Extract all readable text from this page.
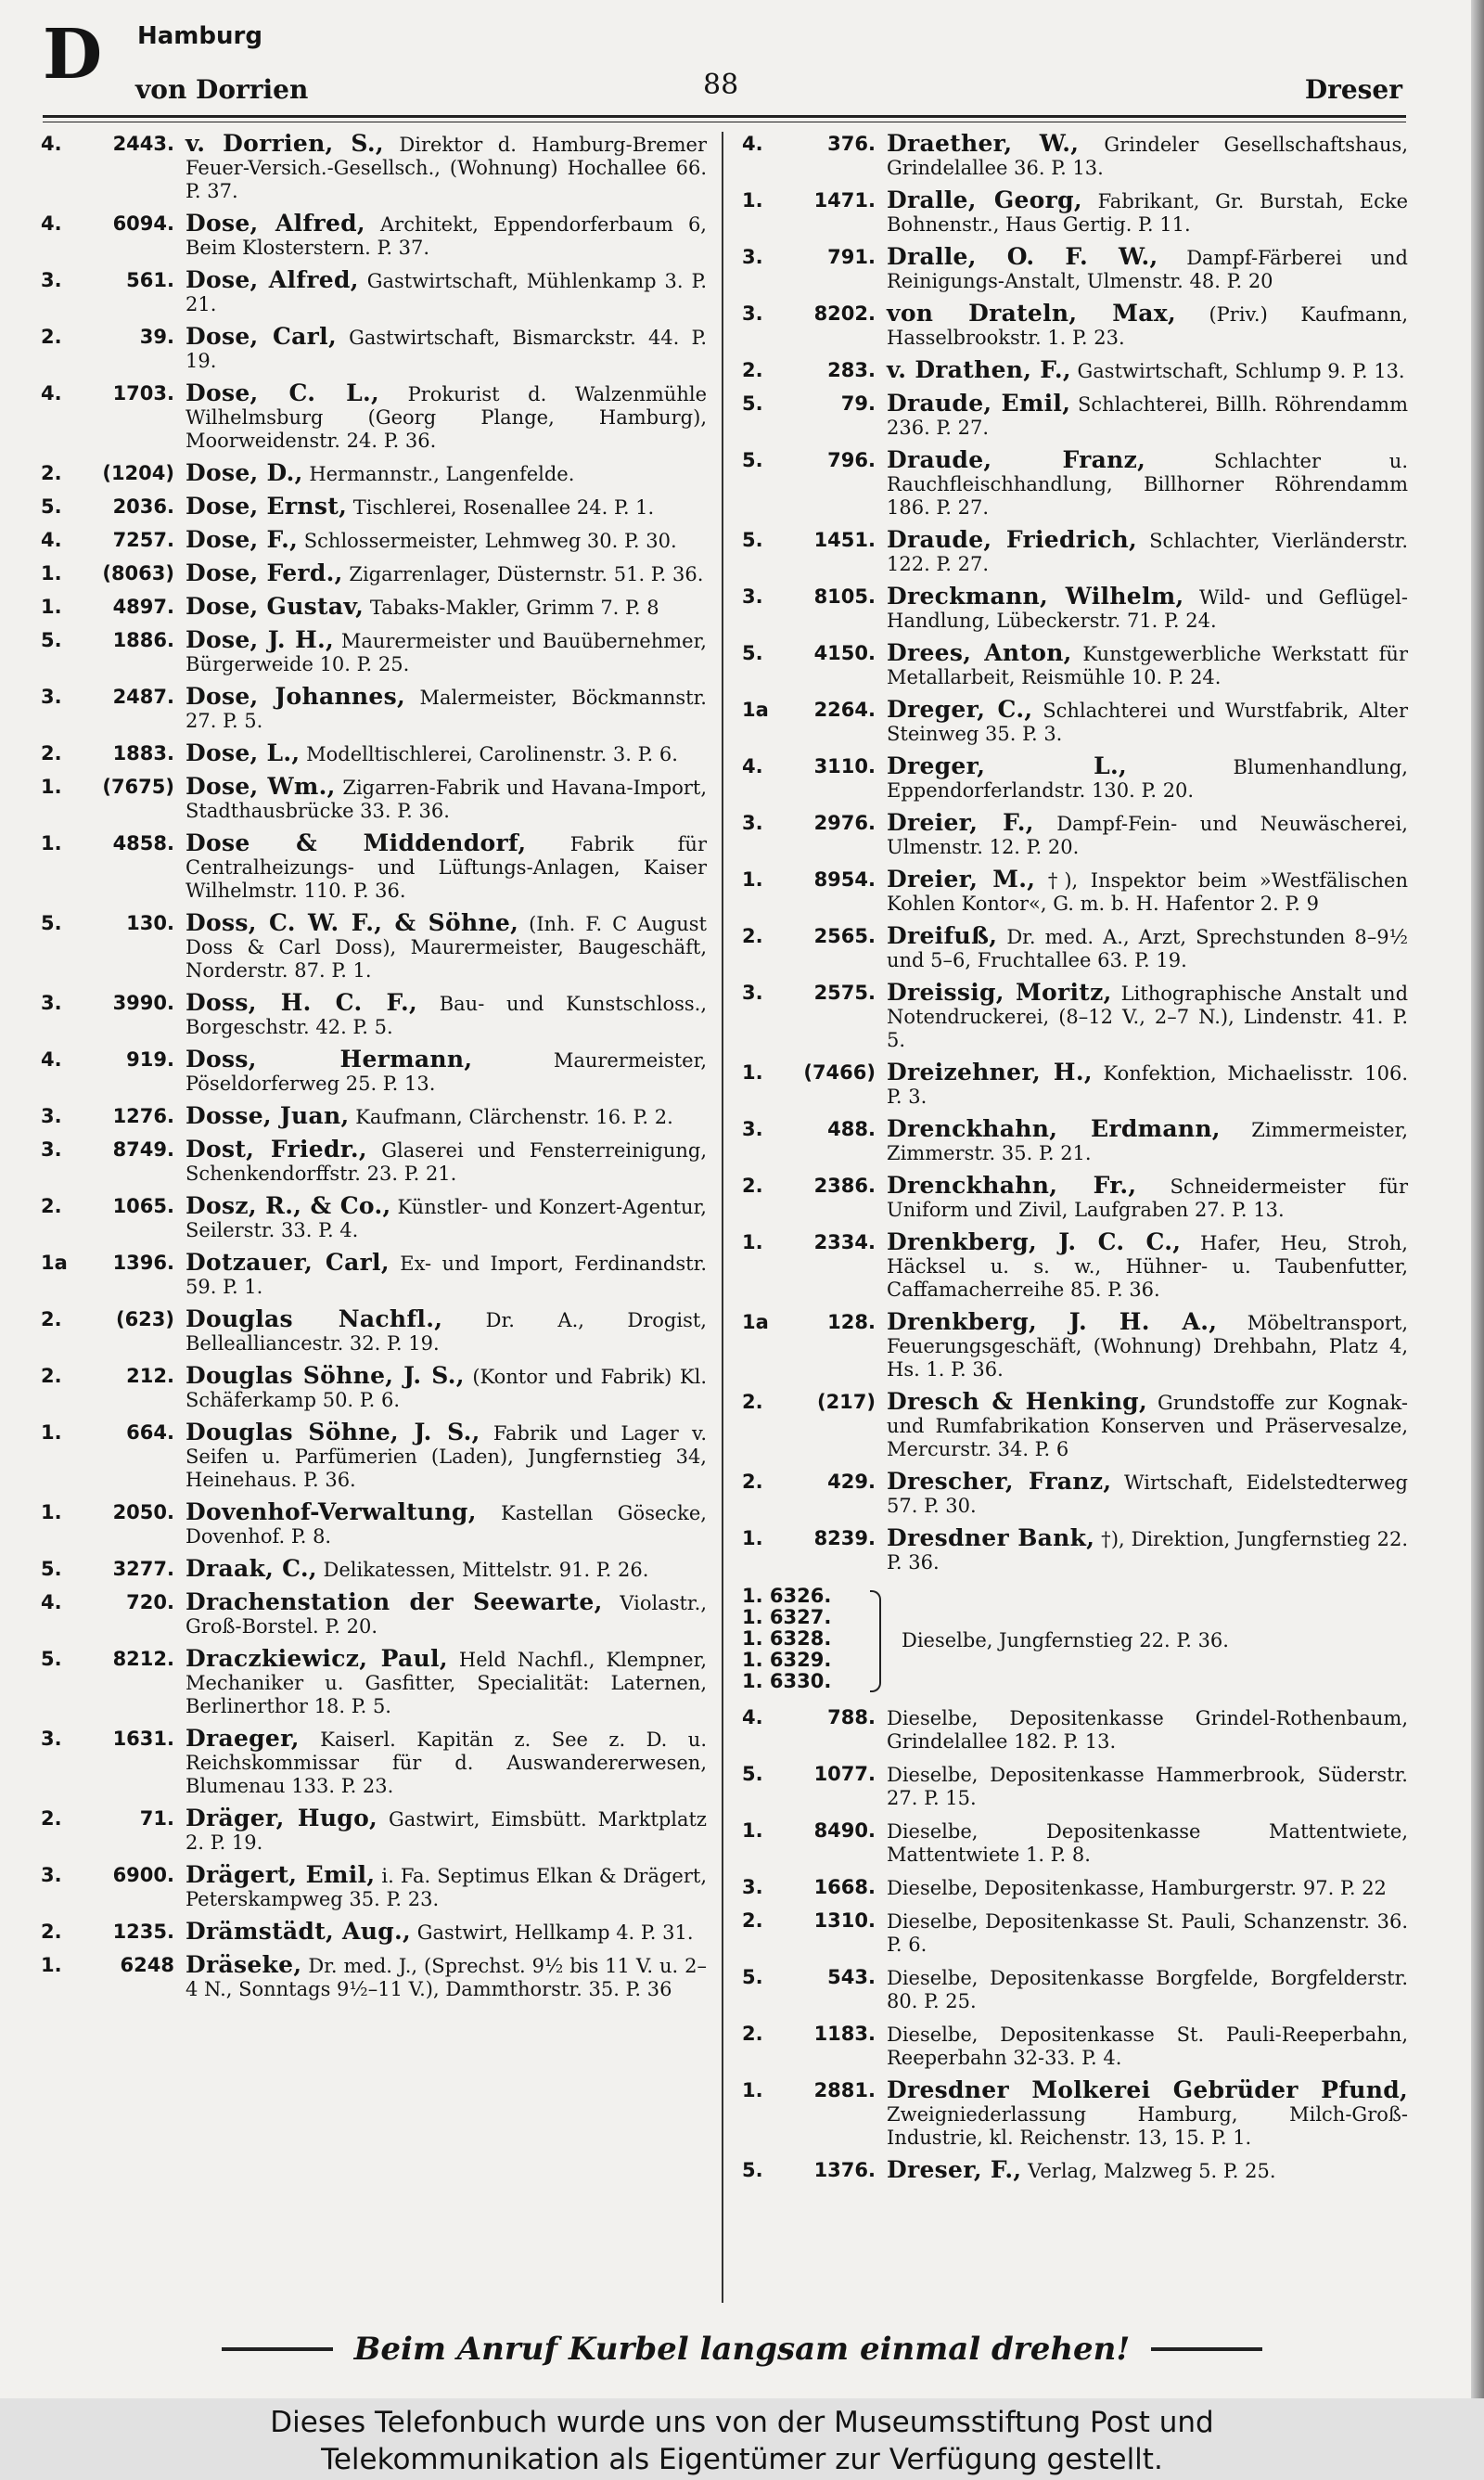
D Hamburg
von Dorrien	88	Dreser
4.	2443. v. Dorrien, S., Direktor d. Hamburg-Bremer Feuer-Versich.-Gesellsch., (Wohnung) Hochallee 66. P. 37.
4.	6094. Dose, Alfred, Architekt, Eppendorferbaum 6, Beim Klosterstern. P. 37.
3.	561. Dose, Alfred, Gastwirtschaft, Mühlenkamp 3. P. 21.
2.	39. Dose, Carl, Gastwirtschaft, Bismarckstr. 44. P. 19.
4.	1703. Dose, C. L., Prokurist d. Walzenmühle Wilhelmsburg (Georg Plange, Hamburg), Moorweidenstr. 24. P. 36.
2.	(1204) Dose, D., Hermannstr., Langenfelde.
5.	2036. Dose, Ernst, Tischlerei, Rosenallee 24. P. 1.
4.	7257. Dose, F., Schlossermeister, Lehmweg 30. P. 30.
1.	(8063) Dose, Ferd., Zigarrenlager, Düsternstr. 51. P. 36.
1.	4897. Dose, Gustav, Tabaks-Makler, Grimm 7. P. 8
5.	1886. Dose, J. H., Maurermeister und Bauübernehmer, Bürgerweide 10. P. 25.
3.	2487. Dose, Johannes, Malermeister, Böckmannstr. 27. P. 5.
2.	1883. Dose, L., Modelltischlerei, Carolinenstr. 3. P. 6.
1.	(7675) Dose, Wm., Zigarren-Fabrik und Havana-Import, Stadthausbrücke 33. P. 36.
1.	4858. Dose & Middendorf, Fabrik für Centralheizungs- und Lüftungs-Anlagen, Kaiser Wilhelmstr. 110. P. 36.
5.	130. Doss, C. W. F., & Söhne, (Inh. F. C August Doss & Carl Doss), Maurermeister, Baugeschäft, Norderstr. 87. P. 1.
3.	3990. Doss, H. C. F., Bau- und Kunstschloss., Borgeschstr. 42. P. 5.
4.	919. Doss, Hermann, Maurermeister, Pöseldorferweg 25. P. 13.
3.	1276. Dosse, Juan, Kaufmann, Clärchenstr. 16. P. 2.
3.	8749. Dost, Friedr., Glaserei und Fensterreinigung, Schenkendorffstr. 23. P. 21.
2.	1065. Dosz, R., & Co., Künstler- und Konzert-Agentur, Seilerstr. 33. P. 4.
1a	1396. Dotzauer, Carl, Ex- und Import, Ferdinandstr. 59. P. 1.
2.	(623) Douglas Nachfl., Dr. A., Drogist, Bellealliancestr. 32. P. 19.
2.	212. Douglas Söhne, J. S., (Kontor und Fabrik) Kl. Schäferkamp 50. P. 6.
1.	664. Douglas Söhne, J. S., Fabrik und Lager v. Seifen u. Parfümerien (Laden), Jungfernstieg 34, Heinehaus. P. 36.
1.	2050. Dovenhof-Verwaltung, Kastellan Gösecke, Dovenhof. P. 8.
5.	3277. Draak, C., Delikatessen, Mittelstr. 91. P. 26.
4.	720. Drachenstation der Seewarte, Violastr., Groß-Borstel. P. 20.
5.	8212. Draczkiewicz, Paul, Held Nachfl., Klempner, Mechaniker u. Gasfitter, Specialität: Laternen, Berlinerthor 18. P. 5.
3.	1631. Draeger, Kaiserl. Kapitän z. See z. D. u. Reichskommissar für d. Auswandererwesen, Blumenau 133. P. 23.
2.	71. Dräger, Hugo, Gastwirt, Eimsbütt. Marktplatz 2. P. 19.
3.	6900. Drägert, Emil, i. Fa. Septimus Elkan & Drägert, Peterskampweg 35. P. 23.
2.	1235. Drämstädt, Aug., Gastwirt, Hellkamp 4. P. 31.
1.	6248 Dräseke, Dr. med. J., (Sprechst. 9½ bis 11 V. u. 2–4 N., Sonntags 9½–11 V.), Dammthorstr. 35. P. 36
4.	376. Draether, W., Grindeler Gesellschaftshaus, Grindelallee 36. P. 13.
1.	1471. Dralle, Georg, Fabrikant, Gr. Burstah, Ecke Bohnenstr., Haus Gertig. P. 11.
3.	791. Dralle, O. F. W., Dampf-Färberei und Reinigungs-Anstalt, Ulmenstr. 48. P. 20
3.	8202. von Drateln, Max, (Priv.) Kaufmann, Hasselbrookstr. 1. P. 23.
2.	283. v. Drathen, F., Gastwirtschaft, Schlump 9. P. 13.
5.	79. Draude, Emil, Schlachterei, Billh. Röhrendamm 236. P. 27.
5.	796. Draude, Franz, Schlachter u. Rauchfleischhandlung, Billhorner Röhrendamm 186. P. 27.
5.	1451. Draude, Friedrich, Schlachter, Vierländerstr. 122. P. 27.
3.	8105. Dreckmann, Wilhelm, Wild- und Geflügel-Handlung, Lübeckerstr. 71. P. 24.
5.	4150. Drees, Anton, Kunstgewerbliche Werkstatt für Metallarbeit, Reismühle 10. P. 24.
1a	2264. Dreger, C., Schlachterei und Wurstfabrik, Alter Steinweg 35. P. 3.
4.	3110. Dreger, L., Blumenhandlung, Eppendorferlandstr. 130. P. 20.
3.	2976. Dreier, F., Dampf-Fein- und Neuwäscherei, Ulmenstr. 12. P. 20.
1.	8954. Dreier, M., †), Inspektor beim »Westfälischen Kohlen Kontor«, G. m. b. H. Hafentor 2. P. 9
2.	2565. Dreifuß, Dr. med. A., Arzt, Sprechstunden 8–9½ und 5–6, Fruchtallee 63. P. 19.
3.	2575. Dreissig, Moritz, Lithographische Anstalt und Notendruckerei, (8–12 V., 2–7 N.), Lindenstr. 41. P. 5.
1.	(7466) Dreizehner, H., Konfektion, Michaelisstr. 106. P. 3.
3.	488. Drenckhahn, Erdmann, Zimmermeister, Zimmerstr. 35. P. 21.
2.	2386. Drenckhahn, Fr., Schneidermeister für Uniform und Zivil, Laufgraben 27. P. 13.
1.	2334. Drenkberg, J. C. C., Hafer, Heu, Stroh, Häcksel u. s. w., Hühner- u. Taubenfutter, Caffamacherreihe 85. P. 36.
1a	128. Drenkberg, J. H. A., Möbeltransport, Feuerungsgeschäft, (Wohnung) Drehbahn, Platz 4, Hs. 1. P. 36.
2.	(217) Dresch & Henking, Grundstoffe zur Kognak- und Rumfabrikation Konserven und Präservesalze, Mercurstr. 34. P. 6
2.	429. Drescher, Franz, Wirtschaft, Eidelstedterweg 57. P. 30.
1.	8239. Dresdner Bank, †), Direktion, Jungfernstieg 22. P. 36.
1. 6326.
1. 6327.
1. 6328.
1. 6329.
1. 6330.
Dieselbe, Jungfernstieg 22. P. 36.
4.	788. Dieselbe, Depositenkasse Grindel-Rothenbaum, Grindelallee 182. P. 13.
5.	1077. Dieselbe, Depositenkasse Hammerbrook, Süderstr. 27. P. 15.
1.	8490. Dieselbe, Depositenkasse Mattentwiete, Mattentwiete 1. P. 8.
3.	1668. Dieselbe, Depositenkasse, Hamburgerstr. 97. P. 22
2.	1310. Dieselbe, Depositenkasse St. Pauli, Schanzenstr. 36. P. 6.
5.	543. Dieselbe, Depositenkasse Borgfelde, Borgfelderstr. 80. P. 25.
2.	1183. Dieselbe, Depositenkasse St. Pauli-Reeperbahn, Reeperbahn 32-33. P. 4.
1.	2881. Dresdner Molkerei Gebrüder Pfund, Zweigniederlassung Hamburg, Milch-Groß-Industrie, kl. Reichenstr. 13, 15. P. 1.
5.	1376. Dreser, F., Verlag, Malzweg 5. P. 25.
Beim Anruf Kurbel langsam einmal drehen!
Dieses Telefonbuch wurde uns von der Museumsstiftung Post und
Telekommunikation als Eigentümer zur Verfügung gestellt.
